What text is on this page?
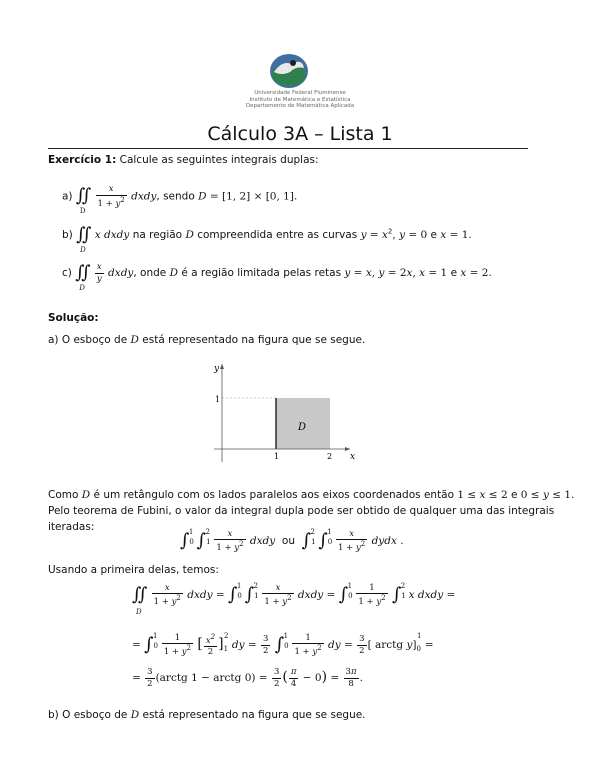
Universidade Federal Fluminense
Instituto de Matemática e Estatística
Departamento de Matemática Aplicada
Cálculo 3A – Lista 1
Exercício 1: Calcule as seguintes integrais duplas:
a) ∬
D

$\frac{x}{1 + y^2}$ dxdy, sendo D = [1, 2] × [0, 1].
b) ∬
D
x dxdy na região D compreendida entre as curvas $y = x^2$, y = 0 e x = 1.
c) ∬
D

$\frac{x}{y}$ dxdy, onde D é a região limitada pelas retas y = x, y = 2x, x = 1 e x = 2.
Solução:
a) O esboço de D está representado na figura que se segue.
D
x
y
1	2
1
Como D é um retângulo com os lados paralelos aos eixos coordenados então 1 ≤ x ≤ 2 e 0 ≤ y ≤ 1.
Pelo teorema de Fubini, o valor da integral dupla pode ser obtido de qualquer uma das integrais
iteradas:
$\int 0^1$ $\int 1^2 \frac{x}{1 + y^2}$ dxdy ou $\int 1^2$ $\int 0^1 \frac{x}{1 + y^2}$ dydx .
Usando a primeira delas, temos:
∬
D

$\frac{x}{1 + y^2}$ dxdy = $\int 0^1$ $\int 1^2 \frac{x}{1 + y^2}$ dxdy = $\int 0^1 \frac{1}{1 + y^2} \int 1^2$ x dxdy =
= $\int 0^1 \frac{1}{1 + y^2}$ [ $\frac{x^2}{2} ]_1^2$ dy = $\frac{3}{2} \int 0^1 \frac{1}{1 + y^2}$ dy = $\frac{3}{2}$ [ arctg $y]_0^1$ =
= $\frac{3}{2}$ (arctg 1 − arctg $0) = \frac{3}{2}$ ( $\frac{\pi}{4} - 0) = \frac{3\pi}{8}$ .
b) O esboço de D está representado na figura que se segue.
